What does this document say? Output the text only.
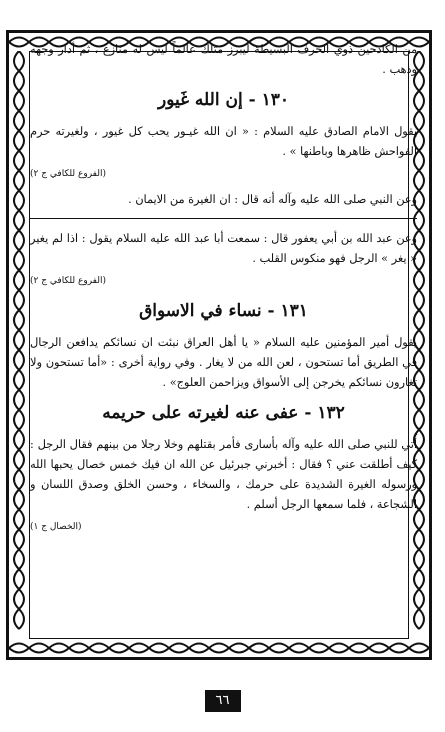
من الكادحين ذوي الحرف البسيطة ليبرز مثلك عالماً ليس له منازع ، ثم أدار وجهه وذهب .

١٣٠ - إن الله غَيور

يقول الامام الصادق عليه السلام : « ان الله غيـور يحب كل غيور ، ولغيرته حرم الفواحش ظاهرها وباطنها » .

(الفروع للكافي ج ٢)

وعن النبي صلى الله عليه وآله أنه قال : ان الغيرة من الايمان .

وعن عبد الله بن أبي يعفور قال : سمعت أبا عبد الله عليه السلام يقول : اذا لم يغير « يغر » الرجل فهو منكوس القلب .

(الفروع للكافي ج ٢)
١٣١ - نساء في الاسواق

يقول أمير المؤمنين عليه السلام « يا أهل العراق نبئت ان نسائكم يدافعن الرجال في الطريق أما تستحون ، لعن الله من لا يغار . وفي رواية أخرى : «أما تستحون ولا تغارون نسائكم يخرجن إلى الأسواق ويزاحمن العلوج» .

١٣٢ - عفى عنه لغيرته على حريمه

أُتي للنبي صلى الله عليه وآله بأسارى فأمر بقتلهم وخلا رجلا من بينهم فقال الرجل : كيف أطلقت عني ؟ فقال : أخبرني جبرئيل عن الله ان فيك خمس خصال يحبها الله ورسوله الغيرة الشديدة على حرمك ، والسخاء ، وحسن الخلق وصدق اللسان و الشجاعة ، فلما سمعها الرجل أسلم .

(الخصال ج ١)
٦٦
